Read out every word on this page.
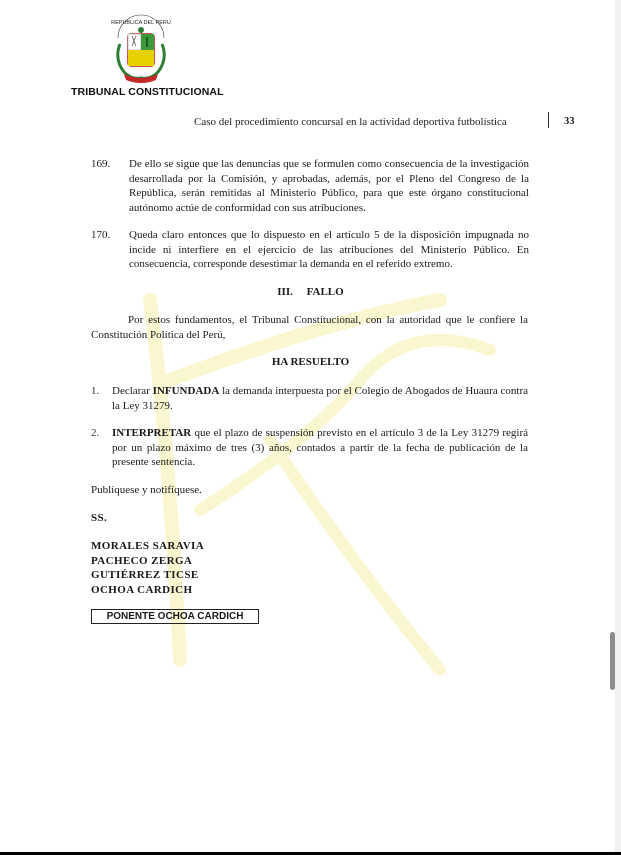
REPUBLICA DEL PERU
TRIBUNAL CONSTITUCIONAL
Caso del procedimiento concursal en la actividad deportiva futbolística	33
169. De ello se sigue que las denuncias que se formulen como consecuencia de la investigación desarrollada por la Comisión, y aprobadas, además, por el Pleno del Congreso de la República, serán remitidas al Ministerio Público, para que este órgano constitucional autónomo actúe de conformidad con sus atribuciones.
170. Queda claro entonces que lo dispuesto en el artículo 5 de la disposición impugnada no incide ni interfiere en el ejercicio de las atribuciones del Ministerio Público. En consecuencia, corresponde desestimar la demanda en el referido extremo.
III.     FALLO
Por estos fundamentos, el Tribunal Constitucional, con la autoridad que le confiere la Constitución Política del Perú,
HA RESUELTO
1. Declarar INFUNDADA la demanda interpuesta por el Colegio de Abogados de Huaura contra la Ley 31279.
2. INTERPRETAR que el plazo de suspensión previsto en el artículo 3 de la Ley 31279 regirá por un plazo máximo de tres (3) años, contados a partir de la fecha de publicación de la presente sentencia.
Publíquese y notifíquese.
SS.
MORALES SARAVIA
PACHECO ZERGA
GUTIÉRREZ TICSE
OCHOA CARDICH
PONENTE OCHOA CARDICH
